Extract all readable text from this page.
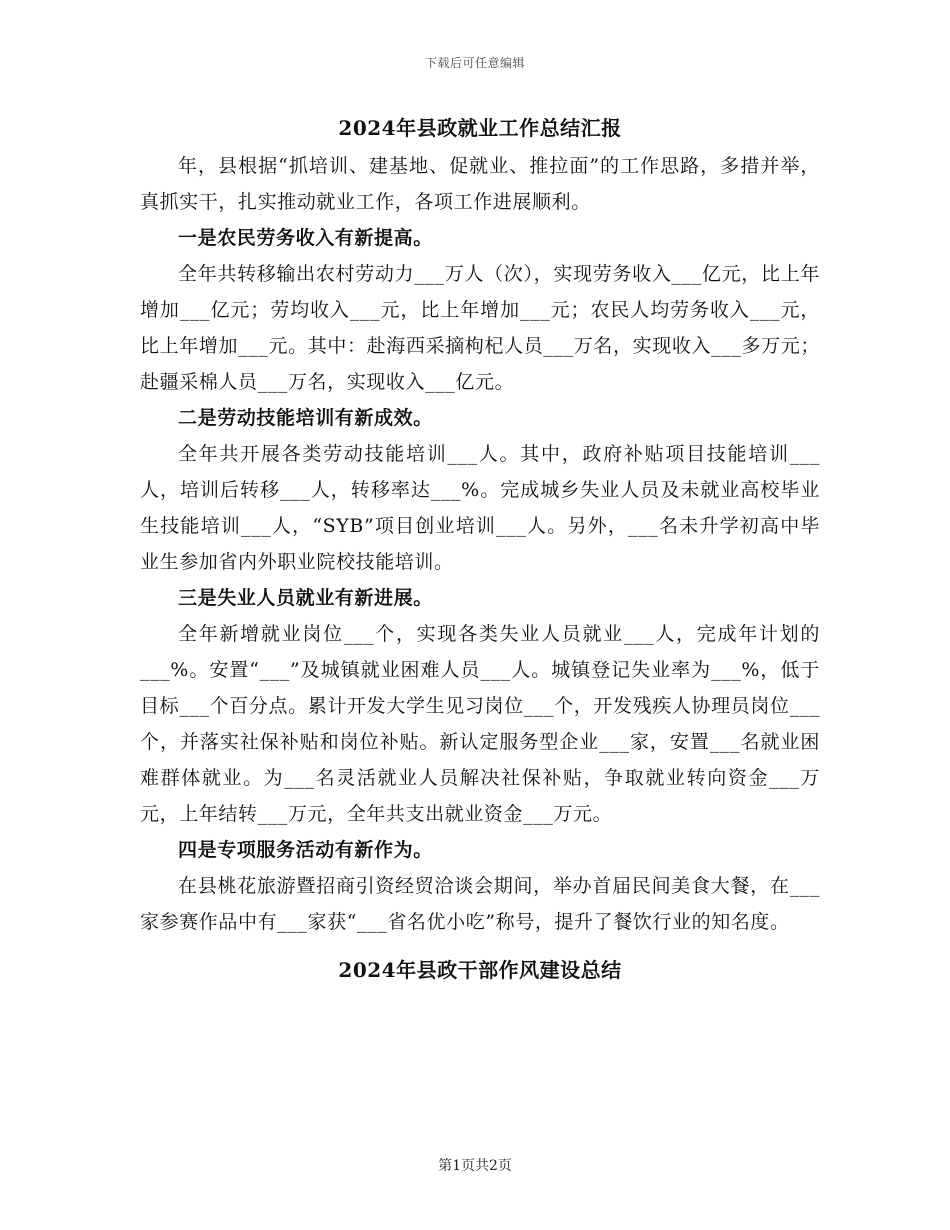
下载后可任意编辑
2024年县政就业工作总结汇报

年，县根据“抓培训、建基地、促就业、推拉面”的工作思路，多措并举，真抓实干，扎实推动就业工作，各项工作进展顺利。

一是农民劳务收入有新提高。

全年共转移输出农村劳动力___万人（次），实现劳务收入___亿元，比上年增加___亿元；劳均收入___元，比上年增加___元；农民人均劳务收入___元，比上年增加___元。其中：赴海西采摘枸杞人员___万名，实现收入___多万元；赴疆采棉人员___万名，实现收入___亿元。

二是劳动技能培训有新成效。

全年共开展各类劳动技能培训___人。其中，政府补贴项目技能培训___人，培训后转移___人，转移率达___%。完成城乡失业人员及未就业高校毕业生技能培训___人，“SYB”项目创业培训___人。另外，___名未升学初高中毕业生参加省内外职业院校技能培训。

三是失业人员就业有新进展。

全年新增就业岗位___个，实现各类失业人员就业___人，完成年计划的___%。安置“___”及城镇就业困难人员___人。城镇登记失业率为___%，低于目标___个百分点。累计开发大学生见习岗位___个，开发残疾人协理员岗位___个，并落实社保补贴和岗位补贴。新认定服务型企业___家，安置___名就业困难群体就业。为___名灵活就业人员解决社保补贴，争取就业转向资金___万元，上年结转___万元，全年共支出就业资金___万元。

四是专项服务活动有新作为。

在县桃花旅游暨招商引资经贸洽谈会期间，举办首届民间美食大餐，在___家参赛作品中有___家获“___省名优小吃”称号，提升了餐饮行业的知名度。

2024年县政干部作风建设总结
第1页共2页
